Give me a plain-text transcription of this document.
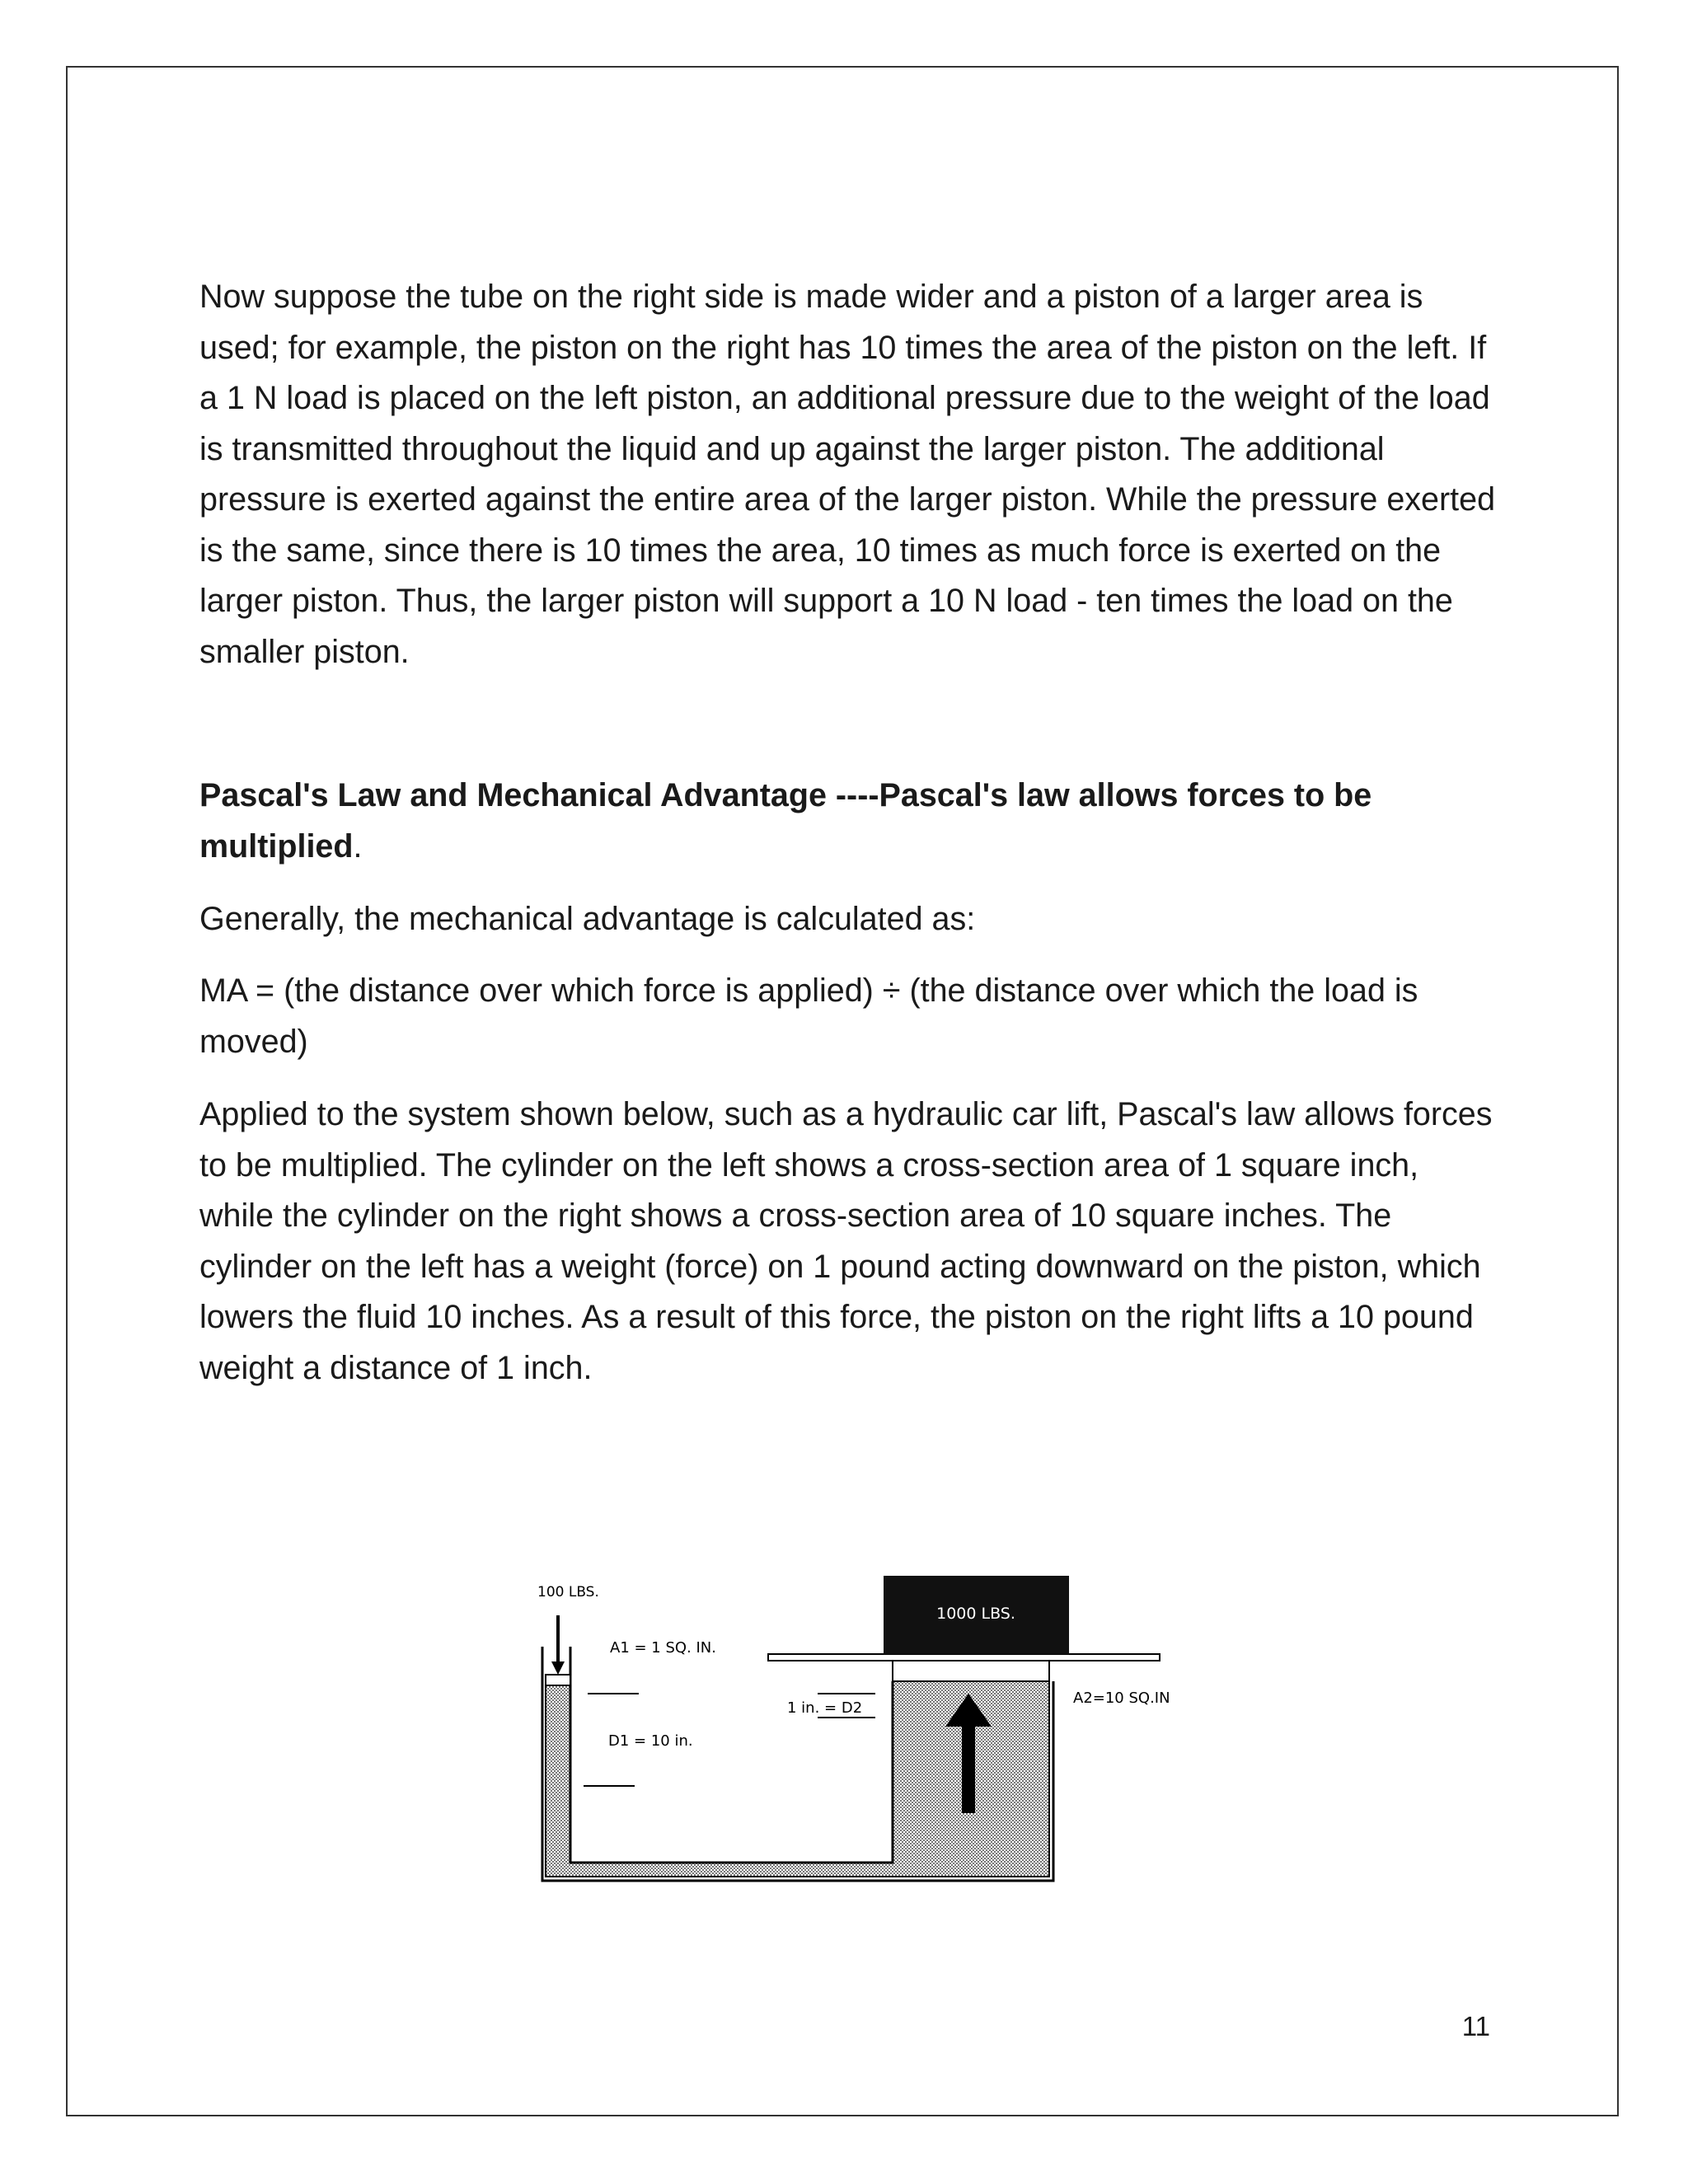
Now suppose the tube on the right side is made wider and a piston of a larger area is used; for example, the piston on the right has 10 times the area of the piston on the left. If a 1 N load is placed on the left piston, an additional pressure due to the weight of the load is transmitted throughout the liquid and up against the larger piston. The additional pressure is exerted against the entire area of the larger piston. While the pressure exerted is the same, since there is 10 times the area, 10 times as much force is exerted on the larger piston. Thus, the larger piston will support a 10 N load - ten times the load on the smaller piston.

Pascal's Law and Mechanical Advantage ----Pascal's law allows forces to be multiplied.

Generally, the mechanical advantage is calculated as:

MA = (the distance over which force is applied) ÷ (the distance over which the load is moved)

Applied to the system shown below, such as a hydraulic car lift, Pascal's law allows forces to be multiplied. The cylinder on the left shows a cross-section area of 1 square inch, while the cylinder on the right shows a cross-section area of 10 square inches. The cylinder on the left has a weight (force) on 1 pound acting downward on the piston, which lowers the fluid 10 inches. As a result of this force, the piston on the right lifts a 10 pound weight a distance of 1 inch.

100 LBS.
A1 = 1 SQ. IN.
D1 = 10 in.
1000 LBS.
A2=10 SQ.IN
1 in. = D2
11
